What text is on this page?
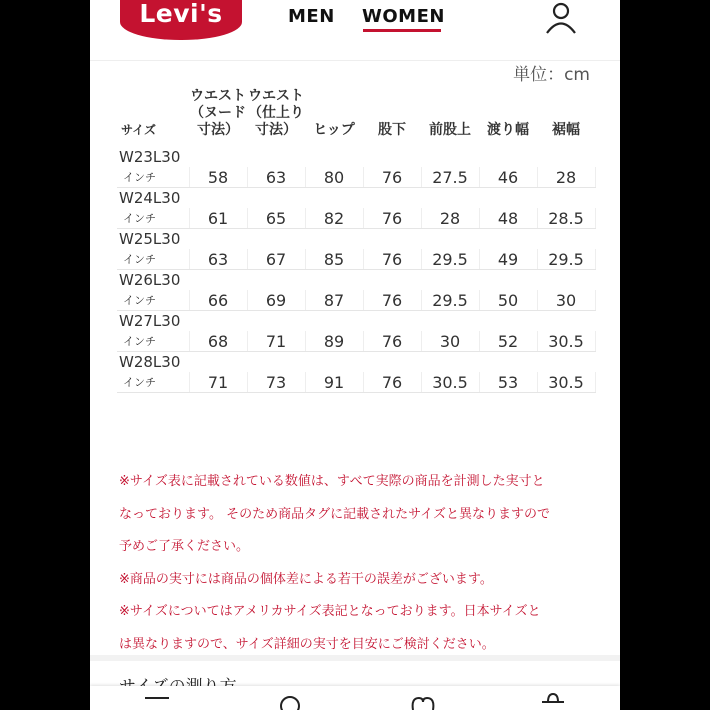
Levi's	MEN WOMEN
単位：cm
サイズ	ウエスト（ヌード寸法）	ウエスト（仕上り寸法）	ヒップ	股下	前股上	渡り幅	裾幅
W23L30							
インチ	58	63	80	76	27.5	46	28
W24L30							
インチ	61	65	82	76	28	48	28.5
W25L30							
インチ	63	67	85	76	29.5	49	29.5
W26L30							
インチ	66	69	87	76	29.5	50	30
W27L30							
インチ	68	71	89	76	30	52	30.5
W28L30							
インチ	71	73	91	76	30.5	53	30.5

※サイズ表に記載されている数値は、すべて実際の商品を計測した実寸と

なっております。 そのため商品タグに記載されたサイズと異なりますので

予めご了承ください。

※商品の実寸には商品の個体差による若干の誤差がございます。

※サイズについてはアメリカサイズ表記となっております。日本サイズと

は異なりますので、サイズ詳細の実寸を目安にご検討ください。
